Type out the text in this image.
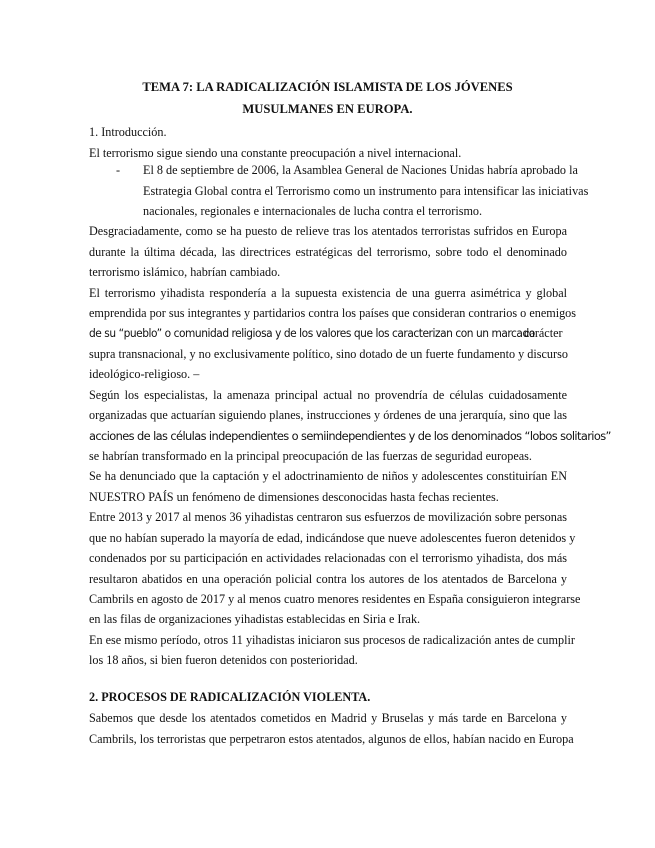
TEMA 7: LA RADICALIZACIÓN ISLAMISTA DE LOS JÓVENES
MUSULMANES EN EUROPA.
1. Introducción.
El terrorismo sigue siendo una constante preocupación a nivel internacional.
- El 8 de septiembre de 2006, la Asamblea General de Naciones Unidas habría aprobado la
Estrategia Global contra el Terrorismo como un instrumento para intensificar las iniciativas
nacionales, regionales e internacionales de lucha contra el terrorismo.
Desgraciadamente, como se ha puesto de relieve tras los atentados terroristas sufridos en Europa
durante la última década, las directrices estratégicas del terrorismo, sobre todo el denominado
terrorismo islámico, habrían cambiado.
El terrorismo yihadista respondería a la supuesta existencia de una guerra asimétrica y global
emprendida por sus integrantes y partidarios contra los países que consideran contrarios o enemigos
de su “pueblo” o comunidad religiosa y de los valores que los caracterizan con un marcado
carácter
supra transnacional, y no exclusivamente político, sino dotado de un fuerte fundamento y discurso
ideológico-religioso. –
Según los especialistas, la amenaza principal actual no provendría de células cuidadosamente
organizadas que actuarían siguiendo planes, instrucciones y órdenes de una jerarquía, sino que las
acciones de las células independientes o semiindependientes y de los denominados “lobos solitarios”
se habrían transformado en la principal preocupación de las fuerzas de seguridad europeas.
Se ha denunciado que la captación y el adoctrinamiento de niños y adolescentes constituirían EN
NUESTRO PAÍS un fenómeno de dimensiones desconocidas hasta fechas recientes.
Entre 2013 y 2017 al menos 36 yihadistas centraron sus esfuerzos de movilización sobre personas
que no habían superado la mayoría de edad, indicándose que nueve adolescentes fueron detenidos y
condenados por su participación en actividades relacionadas con el terrorismo yihadista, dos más
resultaron abatidos en una operación policial contra los autores de los atentados de Barcelona y
Cambrils en agosto de 2017 y al menos cuatro menores residentes en España consiguieron integrarse
en las filas de organizaciones yihadistas establecidas en Siria e Irak.
En ese mismo período, otros 11 yihadistas iniciaron sus procesos de radicalización antes de cumplir
los 18 años, si bien fueron detenidos con posterioridad.
2. PROCESOS DE RADICALIZACIÓN VIOLENTA.
Sabemos que desde los atentados cometidos en Madrid y Bruselas y más tarde en Barcelona y
Cambrils, los terroristas que perpetraron estos atentados, algunos de ellos, habían nacido en Europa
